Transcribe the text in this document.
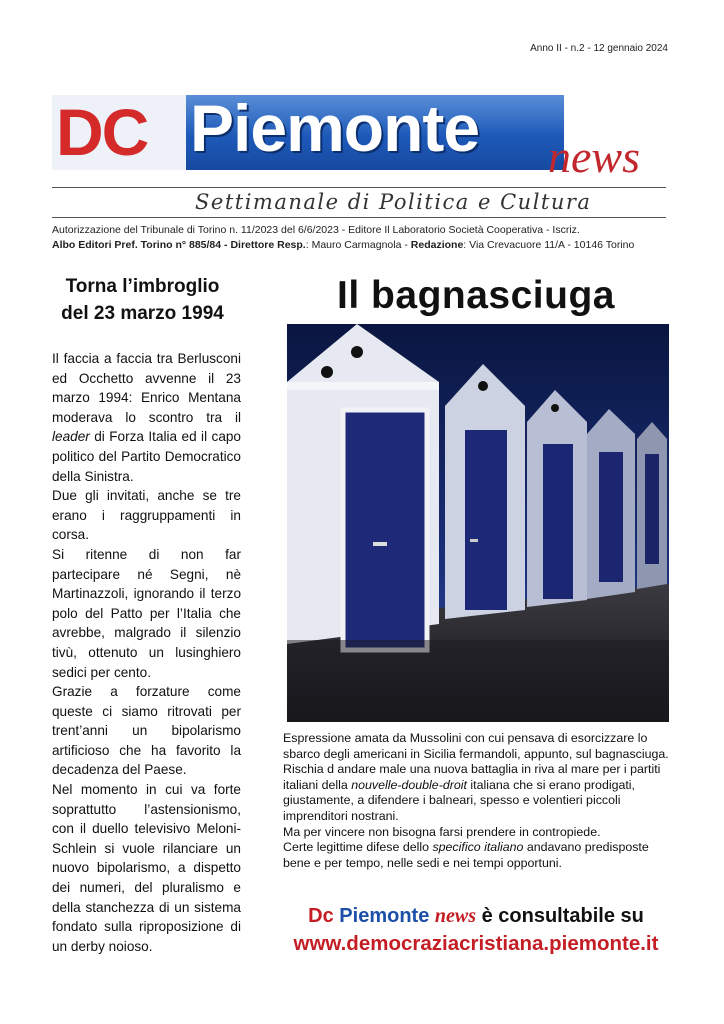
Anno II - n.2 - 12 gennaio 2024
DC Piemonte news
Settimanale di Politica e Cultura
Autorizzazione del Tribunale di Torino n. 11/2023 del 6/6/2023 - Editore Il Laboratorio Società Cooperativa - Iscriz.
Albo Editori Pref. Torino n° 885/84 - Direttore Resp.: Mauro Carmagnola - Redazione: Via Crevacuore 11/A - 10146 Torino
Torna l’imbroglio
del 23 marzo 1994

Il faccia a faccia tra Berlusconi ed Occhetto avvenne il 23 marzo 1994: Enrico Mentana moderava lo scontro tra il leader di Forza Italia ed il capo politico del Partito Democratico della Sinistra.

Due gli invitati, anche se tre erano i raggruppamenti in corsa.

Si ritenne di non far partecipare né Segni, nè Martinazzoli, ignorando il terzo polo del Patto per l’Italia che avrebbe, malgrado il silenzio tivù, ottenuto un lusinghiero sedici per cento.

Grazie a forzature come queste ci siamo ritrovati per trent’anni un bipolarismo artificioso che ha favorito la decadenza del Paese.

Nel momento in cui va forte soprattutto l’astensionismo, con il duello televisivo Meloni-Schlein si vuole rilanciare un nuovo bipolarismo, a dispetto dei numeri, del pluralismo e della stanchezza di un sistema fondato sulla riproposizione di un derby noioso.

Il bagnasciuga

Espressione amata da Mussolini con cui pensava di esorcizzare lo sbarco degli americani in Sicilia fermandoli, appunto, sul bagnasciuga.

Rischia d andare male una nuova battaglia in riva al mare per i partiti italiani della nouvelle-double-droit italiana che si erano prodigati, giustamente, a difendere i balneari, spesso e volentieri piccoli imprenditori nostrani.

Ma per vincere non bisogna farsi prendere in contropiede.

Certe legittime difese dello specifico italiano andavano predisposte bene e per tempo, nelle sedi e nei tempi opportuni.

Dc Piemonte news è consultabile su
www.democraziacristiana.piemonte.it
